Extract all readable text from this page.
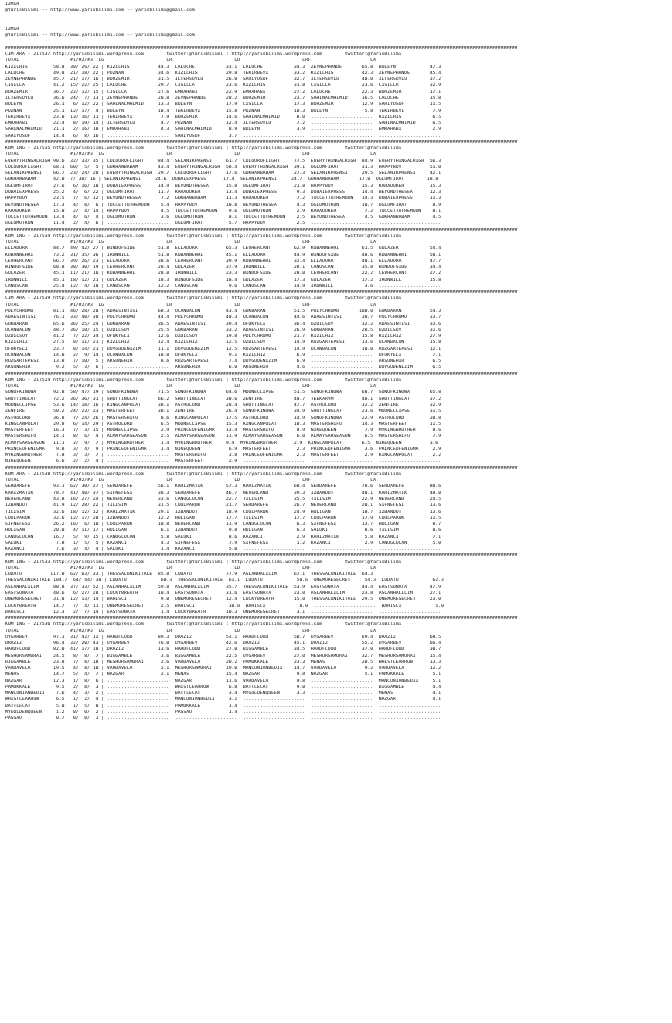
IZMIR
@YarisBilimi -- http://www.yarisbilimi.com -- yarisbilimi@gmail.com
IZMIR
@YarisBilimi -- http://www.yarisbilimi.com -- yarisbilimi@gmail.com
#####################################################################################################################################################################################
CIM ARA - 217537 http://yarisbilimi.wordpress.com        twitter:@YarisBilimi : http://yarisbilimi.wordpress.com        twitter:@YarisBilimi
TOTAL                  #1/#2/#3  LG                      LR                      LD                      LRF                     LA
KIZILHIS         58.8  30/ 26/ 22 | KIZILHIS          44.3  LALUCHE           33.1  LALUCHE           34.3  ZEYNEPHANDE       65.8  BOLEYN            47.3
LALUCHE          49.8  21/ 18/ 22 | POZNAN            34.6  KIZILHIS          29.8  TEKIRBEYI         33.2  KIZILHIS          42.3  ZEYNEPHANDE       45.4
ZEYNEPHANDE      45.7  21/ 17/ 16 | BORZEMIR          31.5  ILTERSOYLU        26.0  SARIYUSUF         32.7  ILTERSOYLU        40.0  ILTERSOYLU        37.2
CISILLA          41.2  15/ 22/ 25 | LALUCHE           29.7  CISILLA           23.6  KIZILHIS          31.8  CISILLA           23.6  CISILLA           32.9
BORZEMIR         36.7  22/ 12/ 15 | CISILLA           27.6  EMRAHABI          22.9  EMRAHABI          27.2  LALUCHE           22.3  BORZEMIR          17.1
ILTERSOYLU       36.6  24/  7/ 13 | ZEYNEPHANDE       20.8  ZEYNEPHANDE       20.2  BORZEMIR          23.7  SAHINALMHIMID     16.5  LALUCHE           15.8
BOLEYN           26.1   6/ 12/ 22 | SAHINALMHIMID     13.3  BOLEYN            17.9  CISILLA           17.3  BORZEMIR          12.9  SARIYUSUF         11.5
POZNAN           25.1  12/ 17/  4 | BOLEYN            10.4  TEKIRBEYI         15.8  POZNAN            10.3  BOLEYN             5.8  TEKIRBEYI          7.9
TEKIRBEYI        23.0  13/ 16/ 11 | TEKIRBEYI          7.9  BORZEMIR          14.6  SAHINALMHIMID      8.0  ......................  KIZILHIS           6.5
EMRAHABI         22.4   8/ 19/ 14 | ILTERSOYLU         4.7  POZNAN            12.4  ILTERSOYLU         7.2  ......................  SAHINALMHIMID      6.5
SAHINALMHIMID    21.1   2/ 16/ 10 | EMRAHABI           4.3  SAHINALMHIMID      8.9  BOLEYN             3.9  ......................  EMRAHABI           2.9
SARIYUSUF        14.4   6/  8/ 16 | ......................  SARIYUSUF          3.7  ......................  ......................  ......................
#####################################################################################################################################################################################
KUM ING - 217535 http://yarisbilimi.wordpress.com        twitter:@YarisBilimi : http://yarisbilimi.wordpress.com        twitter:@YarisBilimi
TOTAL                  #1/#2/#3  LG                      LR                      LD                      LRF                     LA
EVERYTHINGALRIGH 90.6  32/ 33/ 35 | COLOUROFLIGHT     84.4  SELANIKPRENSI     61.7  COLOUROFLIGHT     77.5  EVERYTHINGALRIGH  84.9  EVERYTHINGALRIGH  56.3
COLOUROFLIGHT    68.1  60/  5/  5 | GOKHANBABAM       43.4  EVERYTHINGALRIGH  58.4  EVERYTHINGALRIGH  39.1  OGLUMFIRAT        31.3  HAPPYBOY          51.0
SELANIKPRENSI    66.7  23/ 24/ 20 | EVERYTHINGALRIGH  29.7  COLOUROFLIGHT     17.6  GOKHANBABAM       27.3  SELANIKPRENSI     29.5  SELANIKPRENSI     42.1
GOKHANBABAM      42.0  7/ 30/ 16 | SELANIKPRENSI     24.6  DUBAIEXPRESS      17.4  SELANIKPRENSI     24.7  GOKHANBABAM       17.0  OGLUMFIRAT        18.8
OGLUMFIRAT       27.6   6/ 16/ 10 | DUBAIEXPRESS      14.9  BEYONDTHESEA      15.8  OGLUMFIRAT        21.8  HAPPYBOY          15.3  KARADOKER         15.3
DUBAIEXPRESS     25.2   4/  6/ 22 | OGLUMFIRAT        11.7  KARADOKER         13.4  DUBAIEXPRESS       9.3  DUBAIEXPRESS      14.4  BEYONDTHESEA      12.3
HAPPYBOY         23.5   7/  6/ 12 | BEYONDTHESEA       7.2  GOKHANBABAM       11.3  KARADOKER          7.2  TOCCETTOTHEMOON   14.3  DUBAIEXPRESS      11.3
BEYONDTHESEA     17.3   4/  8/  6 | TOCCETTOTHEMOON    5.4  HAPPYBOY          10.8  BEYONDTHESEA       4.3  OGLUMUTKUN        10.7  OGLUMFIRAT         8.9
KARADOKER        15.0   2/  4/ 14 | HAPPYBOY           4.5  TOCCETTOTHEMOON    9.6  OGLUMUTKUN         2.9  KARADOKER          7.2  TOCCETTOTHEMOON    8.1
TOCCETTOTHEMOON  13.4   4/  6/  4 | OGLUMUTKUN         3.6  OGLUMUTKUN         8.1  TOCCETTOTHEMOON    2.5  BEYONDTHESEA       4.5  GOKHANBABAM        4.5
OGLUMUTKUN       11.4   2/  4/  6 | ......................  OGLUMFIRAT         5.7  HAPPYBOY           2.5  ......................  ......................
#####################################################################################################################################################################################
KUM ING - 217534 http://yarisbilimi.wordpress.com        twitter:@YarisBilimi : http://yarisbilimi.wordpress.com        twitter:@YarisBilimi
TOTAL                  #1/#2/#3  LG                      LR                      LD                      LRF                     LA
ELLADORA         84.7  49/ 42/ 27 | WINDOFSIDE        51.8  ELLADORA          65.3  CEVHERCANT        62.9  KOBANNEHRI        61.5  GULAZER           54.4
KOBANNEHRI       73.2  31/ 35/ 36 | IRONWILL          51.8  KOBANNEHRI        45.1  ELLADORA          44.9  WINDOFSIDE        48.6  KOBANNEHRI        50.1
CEVHERCANT       66.7  39/ 26/ 23 | ELLADORA          38.6  CEVHERCANT        39.9  KOBANNEHRI        32.4  ELLADORA          40.1  ELLADORA          47.7
WINDOFSIDE       60.8  30/ 30/ 19 | CEVHERCANT        28.4  GULAZER           37.9  IRONWILL          28.1  CANOSCAN          35.8  WINDOFSIDE        34.4
GULAZER          45.1  11/ 21/ 16 | KOBANNEHRI        28.0  IRONWILL          23.3  WINDOFSIDE        28.0  CEVHERCANT        22.2  CEVHERCANT        27.2
IRONWILL         45.1  18/ 12/ 21 | GULAZER           18.3  WINDOFSIDE        18.4  GULAZER           17.3  GULAZER           17.2  IRONWILL          15.8
CANOSCAN         25.4  12/  4/ 18 | CANOSCAN          12.2  CANOSCAN           9.6  CANOSCAN          14.9  IRONWILL           3.6  ......................
#####################################################################################################################################################################################
CIM ARA - 217539 http://yarisbilimi.wordpress.com        twitter:@YarisBilimi : http://yarisbilimi.wordpress.com        twitter:@YarisBilimi
TOTAL                  #1/#2/#3  LG                      LR                      LD                      LRF                     LA
POLYCHROMO       81.1  46/ 28/ 20 | ADAESINTISI       68.3  UCANBALON         43.4  GOKBARAN          51.5  POLYCHROMO       100.0  GOKBARAN          54.3
ADAESINTISI      76.1  33/ 40/ 30 | POLYCHROMO        44.4  POLYCHROMO        40.3  UCANBALON         44.6  ADAESINTISI       38.7  POLYCHROMO        33.7
GOKBARAN         65.6  36/ 25/ 24 | GOKBARAN          36.5  ADAESINTISI       39.4  UFUKYELI          36.4  OZDILSOY          32.2  ADAESINTISI       33.6
UCANBALON        48.7  36/ 18/ 15 | OZDILSOY          25.5  GOKBARAN          33.2  ADAESINTISI       26.9  GOKBARAN          28.5  OZDILSOY          31.6
OZDILSOY         41.2   7/ 22/ 34 | UFUKYELI          12.6  OZDILSOY          19.8  POLYCHROMO        21.7  KIZILHIZ          15.8  KIZILHIZ          27.9
KIZILHIZ         27.5   8/ 11/ 21 | KIZILHIZ          12.4  KIZILHIZ          12.5  OZDILSOY          14.9  RUZGARTEPESI      13.6  UCANBALON         15.8
UFUKYELI         23.7   8/ 14/ 21 | DUYGUDENIZIM      11.1  DUYGUDENIZIM      12.5  RUZGARTEPESI      14.9  UCANBALON         10.0  RUZGARTEPESI      12.1
UCANBALON        14.0   2/  9/ 14 | UCANBALON         10.0  UFUKYELI           9.1  KIZILHIZ           6.9  ......................  UFUKYELI           7.1
RUZGARTEPESI     13.8   7/ 10/  5 | AKSUNEHIR          8.6  RUZGARTEPESI       7.4  DUYGUDENIZIM       6.9  ......................  AKSUNEHIR          6.5
AKSUNEHIR         9.2   5/  3/  6 | ......................  AKSUNEHIR          6.0  AKSUNEHIR          4.6  ......................  DUYGUDENIZIM       6.5
#####################################################################################################################################################################################
KUM ING - 217524 http://yarisbilimi.wordpress.com        twitter:@YarisBilimi : http://yarisbilimi.wordpress.com        twitter:@YarisBilimi
TOTAL                  #1/#2/#3  LG                      LR                      LD                      LRF                     LA
SONOFKINOWA      92.8  58/ 47/ 19 | SONOFKINOWA       71.5  SONOFKINOWA       64.6  MOONECLIPSE       51.5  SONOFKINOWA       68.7  SONOFKINOWA       65.8
SHOTTINGCAT      72.2  36/ 36/ 31 | SHOTTINGCAT       66.2  SHOTTINGCAT       30.6  ZENFIRE           48.7  TEEKARYM          40.1  SHOTTINGCAT       37.2
MOONECLIPSE      53.6  14/ 18/ 16 | KINGCANPOLAT      38.1  ASTROLORD         28.4  SHOTTINGCAT       47.7  ASTROLORD         32.2  ZENFIRE           32.9
ZENFIRE          50.2  24/ 23/ 23 | MASTERFEET        30.1  ZENFIRE           26.4  SONOFKINOWA       34.9  SHOTTINGCAT       23.6  MOONECLIPSE       31.5
ASTROLORD        36.8   7/ 24/ 26 | MASTERSHIFU        8.6  KINGCANPOLAT      17.5  ASTROLORD         14.9  SONOFKINOWA       22.9  ASTROLORD         20.8
KINGCANPOLAT     29.8   6/ 14/ 29 | ASTROLORD          6.5  MOONECLIPSE       15.3  KINGCANPOLAT      10.3  MASTERSHIFU       14.3  MASTERFEET        11.5
MASTERFEET       16.3   7/  3/ 15 | MOONECLIPSE        2.9  PRINCEOFENIGMA    13.4  MASTERSHIFU        8.9  NIKEQUEEN          7.9  MYKINGBROTHER      8.6
MASTERSHIFU      14.1   8/  6/  4 | ALMAYSARSEASON     2.5  ALMAYSARSEASON    11.9  ALMAYSARSEASON     6.0  ALMAYSARSEASON     6.5  MASTERSHIFU        7.9
ALMAYSARSEASON   11.1   2/  9/  7 | MYKINGBROTHER      1.4  MYKINGBROTHER     9.4  MYKINGBROTHER      2.9  KINGCANPOLAT       6.5  NIKEQUEEN          3.6
PRINCEOFENIGMA    9.8   3/  4/  9 | PRINCEOFENIGMA     1.4  NIKEQUEEN          6.9  MASTERFEET         2.3  PRINCEOFENIGMA     3.6  PRINCEOFENIGMA     2.9
MYKINGBROTHER     7.8   3/  3/  7 | ......................  MASTERSHIFU        3.8  PRINCEOFENIGMA     2.3  MASTERFEET         2.9  KINGCANPOLAT       2.2
NIKEQUEEN         6.6   2/  2/  4 | ......................  MASTERFEET         2.9  ......................  ......................  ......................
#####################################################################################################################################################################################
KUM ARA - 217538 http://yarisbilimi.wordpress.com        twitter:@YarisBilimi : http://yarisbilimi.wordpress.com        twitter:@YarisBilimi
TOTAL                  #1/#2/#3  LG                      LR                      LD                      LRF                     LA
SERDAREFE        93.1  62/ 30/ 27 | SERDAREFE         56.1  KARIZMATIK        57.3  KARIZMATIK        68.4  SERDAREFE         78.6  SERDAREFE         88.6
KARIZMATIK       78.7  41/ 40/ 37 | SIFNEFESI         38.3  SERDAREFE         46.7  NEVERLAND         39.3  IZBANDOT          40.1  KARIZMATIK        48.0
NEVERLAND        43.8  16/ 27/ 24 | NEVERLAND         33.6  CANOGLUCAN        22.7  TILISIM           35.5  TILISIM           22.9  NEVERLAND         24.5
IZBANDOT         41.9  12/ 28/ 22 | TILISIM           31.5  COOLPARUK         21.7  SERDAREFE         26.7  NEVERLAND         20.1  SIFNEFESI         13.6
TILISIM          32.6  18/ 12/ 12 | KARIZMATIK        29.1  IZBANDOT          18.9  COOLPARUK         24.9  HOLIGAN           18.7  IZBANDOT          13.6
COOLPARUK        32.6  12/ 17/ 20 | IZBANDOT          12.2  HOLIGAN           17.7  TILISIM           17.7  COOLPARUK         17.9  COOLPARUK         11.5
SIFNEFESI        26.2  16/  6/ 10 | COOLPARUK         10.8  NEVERLAND         11.9  CANOGLUCAN         6.3  SIFNEFESI         13.7  HOLIGAN            8.7
HOLIGAN          20.0   4/ 11/ 17 | HOLIGAN            6.1  IZBANDOT           9.8  HOLIGAN            6.3  SALUKI             8.6  TILISIM            8.6
CANOGLUCAN       16.7   5/  9/ 15 | CANOGLUCAN         5.8  SALUKI             8.6  KAZANCI            2.9  KARIZMATIK         5.8  KAZANCI            7.1
SALUKI            7.8   1/  5/  5 | KAZANCI            4.3  SIFNEFESI          7.9  SIFNEFESI          1.2  KAZANCI            2.9  CANOGLUCAN         5.0
KAZANCI           7.6   3/  4/  4 | SALUKI             1.4  KAZANCI            5.0  ......................  ......................  ......................
#####################################################################################################################################################################################
KUM ING - 217533 http://yarisbilimi.wordpress.com        twitter:@YarisBilimi : http://yarisbilimi.wordpress.com        twitter:@YarisBilimi
TOTAL                  #1/#2/#3  LG                      LR                      LD                      LRF                     LA
LODATO          117.0  62/ 63/ 33 | THESSALONIKITALE  85.8  LODATO            77.9  ASLANHALILIM      67.1  THESSALONIKITALE  64.3
THESSALONIKITALE 104.7  64/ 44/ 38 | LODATO            60.3  THESSALONIKITALE  61.1  LODATO            58.6  ONEMORESECRET     54.3  LODATO            62.3
ASLANHALILIM     80.8  37/ 33/ 52 | ASLANHALILIM      59.8  ASLANHALILIM      35.7  THESSALONIKITALE  53.9  EASTSONATA        44.4  EASTSONATA        47.9
EASTSONATA       40.6   6/ 27/ 28 | LUCKYBREATH       10.4  EASTSONATA        31.6  EASTSONATA        23.0  ASLANHALILIM      23.8  ASLANHALILIM      27.1
ONEMORESECRET    31.0  12/ 13/ 14 | BAHISCI            9.0  ONEMORESECRET     12.4  LUCKYBREATH       15.0  THESSALONIKITALE  29.5  ONEMORESECRET     23.0
LUCKYBREATH      14.7   7/  4/ 11 | ONEMORESECRET      2.5  BAHISCI            10.8  BAHISCI            8.0  ......................  BAHISCI            5.0
BAHISCI          12.3   2/  7/ 14 | EASTSONATA         1.4  LUCKYBREATH       10.3  ONEMORESECRET      3.1  ......................  ......................
#####################################################################################################################################################################################
KUM ING - 217536 http://yarisbilimi.wordpress.com        twitter:@YarisBilimi : http://yarisbilimi.wordpress.com        twitter:@YarisBilimi
TOTAL                  #1/#2/#3  LG                      LR                      LD                      LRF                     LA
UYGARBEY         97.1  31/ 42/ 12 | HARDFLOOD         89.3  DRAZIZ            53.1  HARDFLOOD         50.7  UYGARBEY          69.4  DRAZIZ            68.5
DRAZIZ           96.4  32/ 20/ 43 | UYGARBEY          76.0  UYGARBEY          42.6  DRAZIZ            45.1  DRAZIZ            55.2  UYGARBEY          66.4
HARDFLOOD        82.0  41/ 17/ 18 | DRAZIZ            13.6  HARDFLOOD         27.0  BIGGAMBLE         34.5  HARDFLOOD         37.0  HARDFLOOD         30.7
MESHURSAMURAI    24.5   8/  8/  7 | BIGGAMBLE          3.6  BIGGAMBLE         22.5  UYGARBEY          27.0  MESHURSAMURAI     32.7  MESHURSAMURAI     15.4
BIGGAMBLE        23.8   7/  8/ 18 | MESHURSAMURAI      2.6  VARDAVELA         20.2  PAMUKKALE         23.3  MENAS             20.5  WHISTLEARROW      13.3
VARDAVELA        19.5   4/  8/ 10 | VARDAVELA          2.1  MESHURSAMURAI     19.0  MANCUNIANBEDII    14.7  VARDAVELA          9.2  VARDAVELA         12.2
MENAS            14.7   5/  4/  7 | NAZGAR             2.1  MENAS             15.4  NAZGAR             9.8  NAZGAR             5.1  PAMUKKALE          5.1
NAZGAR           12.3   1/  8/  6 | ......................  NAZGAR            11.6  VARDAVELA          9.8  ......................  MANCUNIANBEDII     5.1
PAMUKKALE         9.5   2/  8/  3 | ......................  WHISTLEARROW       6.8  BATTLECAT          9.0  ......................  BIGGAMBLE          4.4
MANCUNIANBEDII    7.6   4/  3/  2 | ......................  BATTLECAT          3.4  MYGOLDENQUEEN      3.3  ......................  MENAS              4.1
WHISTLEARROW      6.5   1/  2/  4 | ......................  MANCUNIANBEDII     3.1  ......................  ......................  NAZGAR             4.1
BATTLECAT         5.0   1/  5/  0 | ......................  PAMUKKALE          1.4  ......................  ......................  ......................
MYGOLDENQUEEN     1.2   0/  0/  2 | ......................  PASSAU             1.4  ......................  ......................  ......................
PASSAU            0.7   0/  0/  1 | ......................  ......................  ......................  ......................  ......................
